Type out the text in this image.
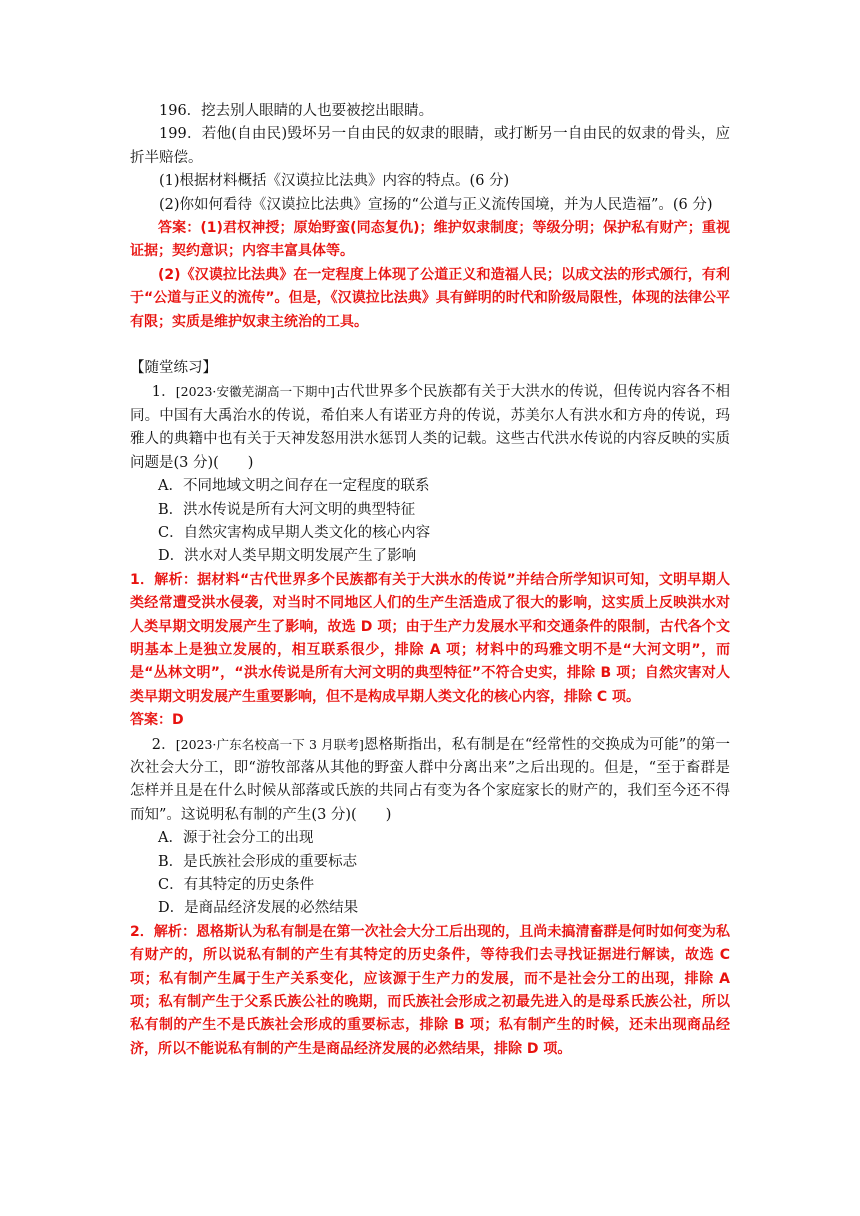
196．挖去别人眼睛的人也要被挖出眼睛。

199．若他(自由民)毁坏另一自由民的奴隶的眼睛，或打断另一自由民的奴隶的骨头，应折半赔偿。

(1)根据材料概括《汉谟拉比法典》内容的特点。(6 分)

(2)你如何看待《汉谟拉比法典》宣扬的“公道与正义流传国境，并为人民造福”。(6 分)

答案：(1)君权神授；原始野蛮(同态复仇)；维护奴隶制度；等级分明；保护私有财产；重视证据；契约意识；内容丰富具体等。

(2)《汉谟拉比法典》在一定程度上体现了公道正义和造福人民；以成文法的形式颁行，有利于“公道与正义的流传”。但是，《汉谟拉比法典》具有鲜明的时代和阶级局限性，体现的法律公平有限；实质是维护奴隶主统治的工具。

【随堂练习】

1．[2023·安徽芜湖高一下期中]古代世界多个民族都有关于大洪水的传说，但传说内容各不相同。中国有大禹治水的传说，希伯来人有诺亚方舟的传说，苏美尔人有洪水和方舟的传说，玛雅人的典籍中也有关于天神发怒用洪水惩罚人类的记载。这些古代洪水传说的内容反映的实质问题是(3 分)(　　)

A．不同地域文明之间存在一定程度的联系

B．洪水传说是所有大河文明的典型特征

C．自然灾害构成早期人类文化的核心内容

D．洪水对人类早期文明发展产生了影响

1．解析：据材料“古代世界多个民族都有关于大洪水的传说”并结合所学知识可知，文明早期人类经常遭受洪水侵袭，对当时不同地区人们的生产生活造成了很大的影响，这实质上反映洪水对人类早期文明发展产生了影响，故选 D 项；由于生产力发展水平和交通条件的限制，古代各个文明基本上是独立发展的，相互联系很少，排除 A 项；材料中的玛雅文明不是“大河文明”，而是“丛林文明”，“洪水传说是所有大河文明的典型特征”不符合史实，排除 B 项；自然灾害对人类早期文明发展产生重要影响，但不是构成早期人类文化的核心内容，排除 C 项。

答案：D

2．[2023·广东名校高一下 3 月联考]恩格斯指出，私有制是在“经常性的交换成为可能”的第一次社会大分工，即“游牧部落从其他的野蛮人群中分离出来”之后出现的。但是，“至于畜群是怎样并且是在什么时候从部落或氏族的共同占有变为各个家庭家长的财产的，我们至今还不得而知”。这说明私有制的产生(3 分)(　　)

A．源于社会分工的出现

B．是氏族社会形成的重要标志

C．有其特定的历史条件

D．是商品经济发展的必然结果

2．解析：恩格斯认为私有制是在第一次社会大分工后出现的，且尚未搞清畜群是何时如何变为私有财产的，所以说私有制的产生有其特定的历史条件，等待我们去寻找证据进行解读，故选 C 项；私有制产生属于生产关系变化，应该源于生产力的发展，而不是社会分工的出现，排除 A 项；私有制产生于父系氏族公社的晚期，而氏族社会形成之初最先进入的是母系氏族公社，所以私有制的产生不是氏族社会形成的重要标志，排除 B 项；私有制产生的时候，还未出现商品经济，所以不能说私有制的产生是商品经济发展的必然结果，排除 D 项。
